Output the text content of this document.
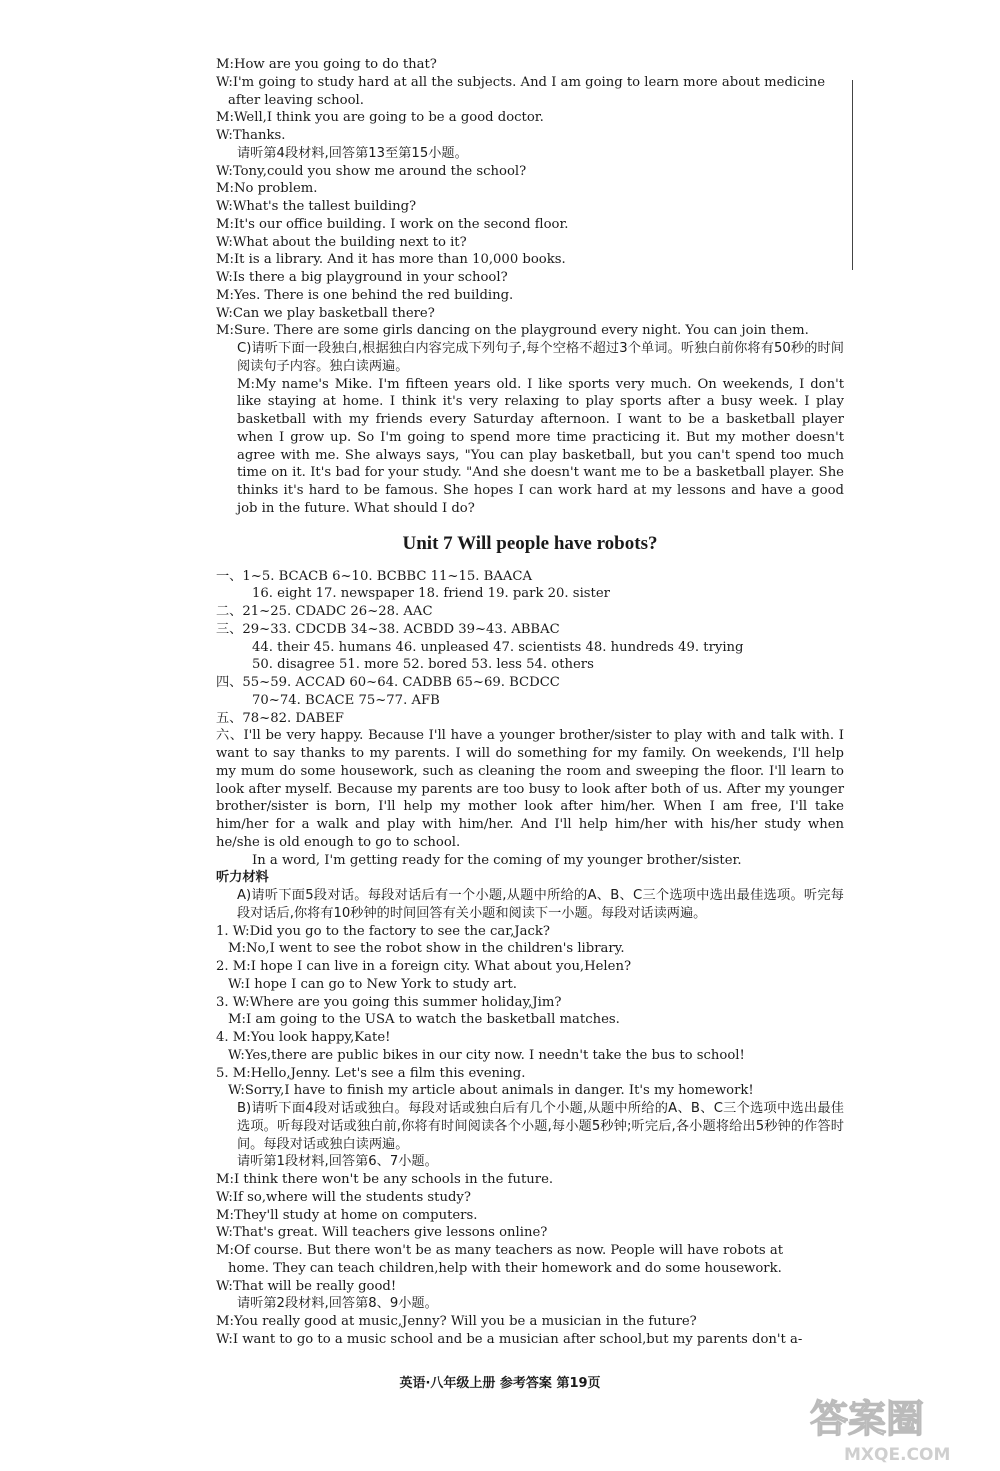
M:How are you going to do that?
W:I'm going to study hard at all the subjects. And I am going to learn more about medicine
after leaving school.
M:Well,I think you are going to be a good doctor.
W:Thanks.
请听第4段材料,回答第13至第15小题。
W:Tony,could you show me around the school?
M:No problem.
W:What's the tallest building?
M:It's our office building. I work on the second floor.
W:What about the building next to it?
M:It is a library. And it has more than 10,000 books.
W:Is there a big playground in your school?
M:Yes. There is one behind the red building.
W:Can we play basketball there?
M:Sure. There are some girls dancing on the playground every night. You can join them.
C)请听下面一段独白,根据独白内容完成下列句子,每个空格不超过3个单词。听独白前你将有50秒的时间阅读句子内容。独白读两遍。
M:My name's Mike. I'm fifteen years old. I like sports very much. On weekends, I don't like staying at home. I think it's very relaxing to play sports after a busy week. I play basketball with my friends every Saturday afternoon. I want to be a basketball player when I grow up. So I'm going to spend more time practicing it. But my mother doesn't agree with me. She always says, "You can play basketball, but you can't spend too much time on it. It's bad for your study. "And she doesn't want me to be a basketball player. She thinks it's hard to be famous. She hopes I can work hard at my lessons and have a good job in the future. What should I do?
Unit 7 Will people have robots?
一、1~5. BCACB 6~10. BCBBC 11~15. BAACA
16. eight 17. newspaper 18. friend 19. park 20. sister
二、21~25. CDADC 26~28. AAC
三、29~33. CDCDB 34~38. ACBDD 39~43. ABBAC
44. their 45. humans 46. unpleased 47. scientists 48. hundreds 49. trying
50. disagree 51. more 52. bored 53. less 54. others
四、55~59. ACCAD 60~64. CADBB 65~69. BCDCC
70~74. BCACE 75~77. AFB
五、78~82. DABEF
六、I'll be very happy. Because I'll have a younger brother/sister to play with and talk with. I want to say thanks to my parents. I will do something for my family. On weekends, I'll help my mum do some housework, such as cleaning the room and sweeping the floor. I'll learn to look after myself. Because my parents are too busy to look after both of us. After my younger brother/sister is born, I'll help my mother look after him/her. When I am free, I'll take him/her for a walk and play with him/her. And I'll help him/her with his/her study when he/she is old enough to go to school.
In a word, I'm getting ready for the coming of my younger brother/sister.
听力材料
A)请听下面5段对话。每段对话后有一个小题,从题中所给的A、B、C三个选项中选出最佳选项。听完每段对话后,你将有10秒钟的时间回答有关小题和阅读下一小题。每段对话读两遍。
1. W:Did you go to the factory to see the car,Jack?
M:No,I went to see the robot show in the children's library.
2. M:I hope I can live in a foreign city. What about you,Helen?
W:I hope I can go to New York to study art.
3. W:Where are you going this summer holiday,Jim?
M:I am going to the USA to watch the basketball matches.
4. M:You look happy,Kate!
W:Yes,there are public bikes in our city now. I needn't take the bus to school!
5. M:Hello,Jenny. Let's see a film this evening.
W:Sorry,I have to finish my article about animals in danger. It's my homework!
B)请听下面4段对话或独白。每段对话或独白后有几个小题,从题中所给的A、B、C三个选项中选出最佳选项。听每段对话或独白前,你将有时间阅读各个小题,每小题5秒钟;听完后,各小题将给出5秒钟的作答时间。每段对话或独白读两遍。
请听第1段材料,回答第6、7小题。
M:I think there won't be any schools in the future.
W:If so,where will the students study?
M:They'll study at home on computers.
W:That's great. Will teachers give lessons online?
M:Of course. But there won't be as many teachers as now. People will have robots at
home. They can teach children,help with their homework and do some housework.
W:That will be really good!
请听第2段材料,回答第8、9小题。
M:You really good at music,Jenny? Will you be a musician in the future?
W:I want to go to a music school and be a musician after school,but my parents don't a-
英语·八年级上册 参考答案 第19页
答案圈
MXQE.COM
